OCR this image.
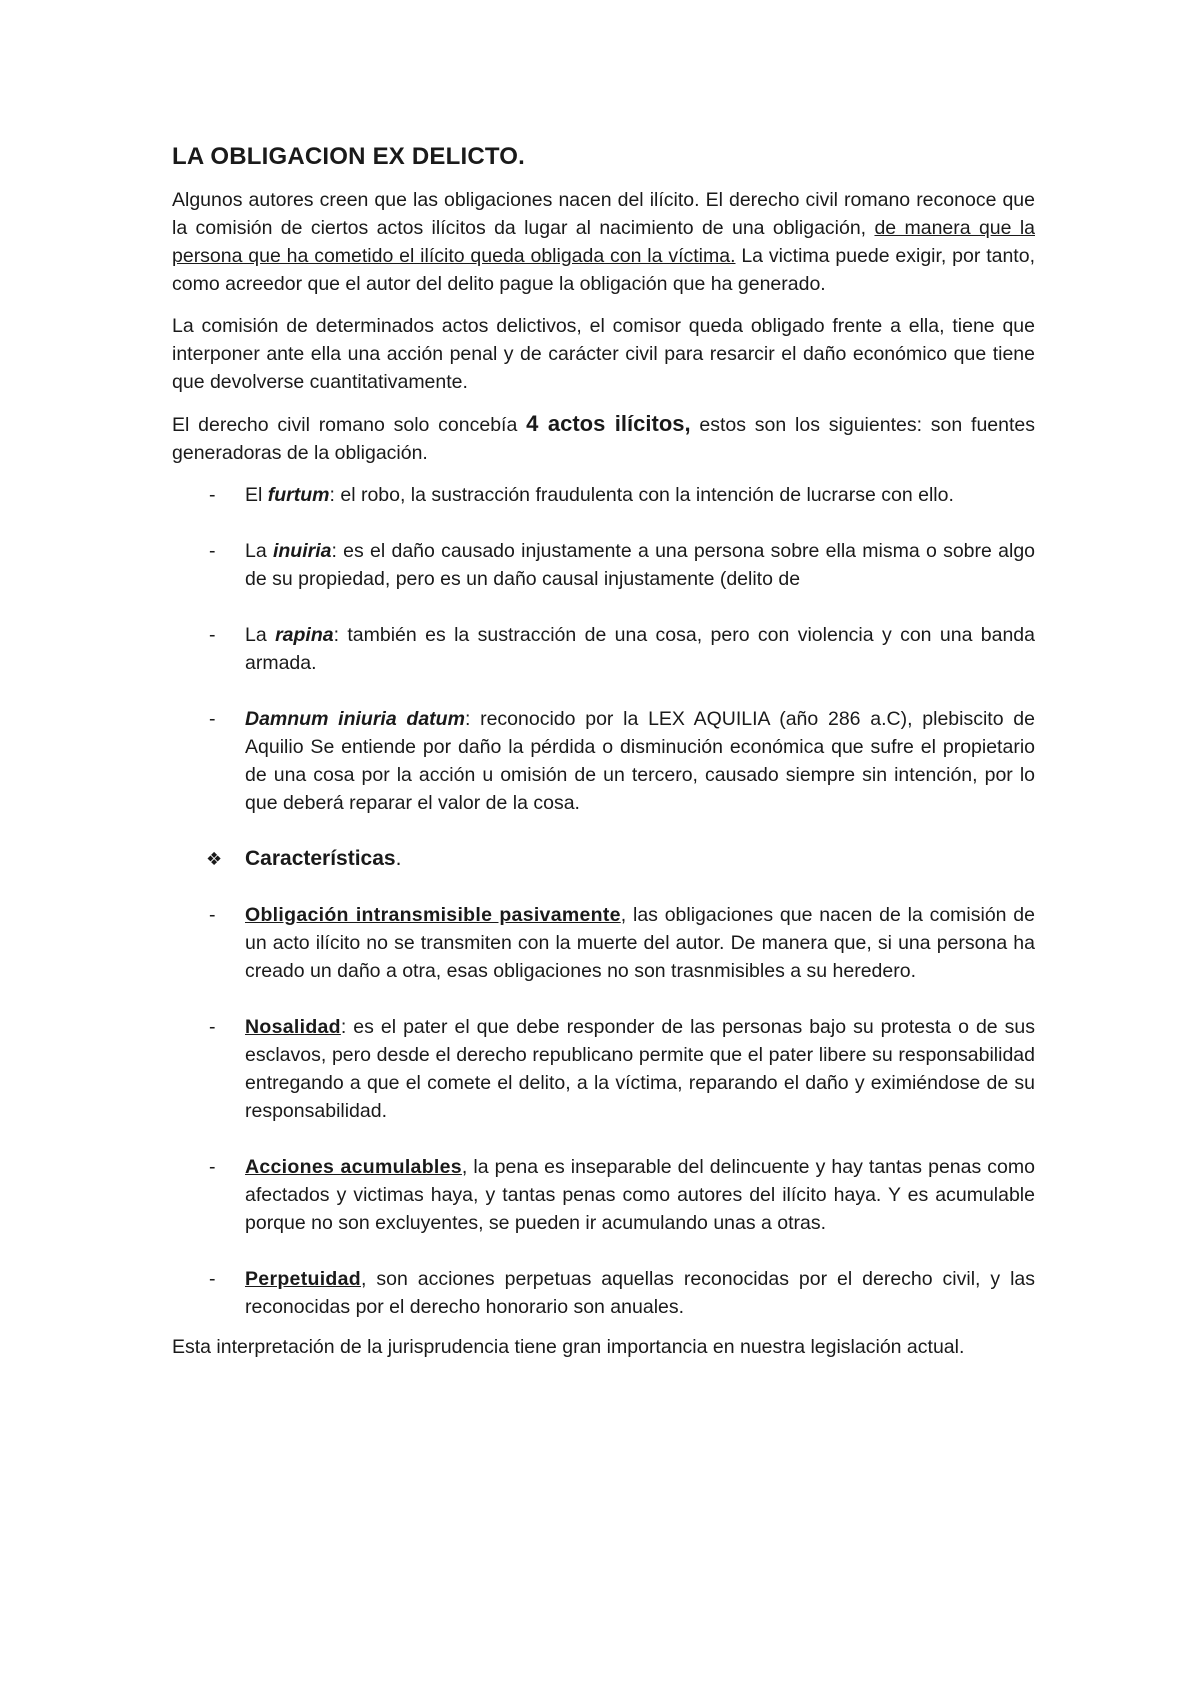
LA OBLIGACION EX DELICTO.

Algunos autores creen que las obligaciones nacen del ilícito. El derecho civil romano reconoce que la comisión de ciertos actos ilícitos da lugar al nacimiento de una obligación, de manera que la persona que ha cometido el ilícito queda obligada con la víctima. La victima puede exigir, por tanto, como acreedor que el autor del delito pague la obligación que ha generado.

La comisión de determinados actos delictivos, el comisor queda obligado frente a ella, tiene que interponer ante ella una acción penal y de carácter civil para resarcir el daño económico que tiene que devolverse cuantitativamente.

El derecho civil romano solo concebía 4 actos ilícitos, estos son los siguientes: son fuentes generadoras de la obligación.

- El furtum: el robo, la sustracción fraudulenta con la intención de lucrarse con ello.
- La inuiria: es el daño causado injustamente a una persona sobre ella misma o sobre algo de su propiedad, pero es un daño causal injustamente (delito de
- La rapina: también es la sustracción de una cosa, pero con violencia y con una banda armada.
- Damnum iniuria datum: reconocido por la LEX AQUILIA (año 286 a.C), plebiscito de Aquilio Se entiende por daño la pérdida o disminución económica que sufre el propietario de una cosa por la acción u omisión de un tercero, causado siempre sin intención, por lo que deberá reparar el valor de la cosa.
❖ Características.
- Obligación intransmisible pasivamente, las obligaciones que nacen de la comisión de un acto ilícito no se transmiten con la muerte del autor. De manera que, si una persona ha creado un daño a otra, esas obligaciones no son trasnmisibles a su heredero.
- Nosalidad: es el pater el que debe responder de las personas bajo su protesta o de sus esclavos, pero desde el derecho republicano permite que el pater libere su responsabilidad entregando a que el comete el delito, a la víctima, reparando el daño y eximiéndose de su responsabilidad.
- Acciones acumulables, la pena es inseparable del delincuente y hay tantas penas como afectados y victimas haya, y tantas penas como autores del ilícito haya. Y es acumulable porque no son excluyentes, se pueden ir acumulando unas a otras.
- Perpetuidad, son acciones perpetuas aquellas reconocidas por el derecho civil, y las reconocidas por el derecho honorario son anuales.

Esta interpretación de la jurisprudencia tiene gran importancia en nuestra legislación actual.
